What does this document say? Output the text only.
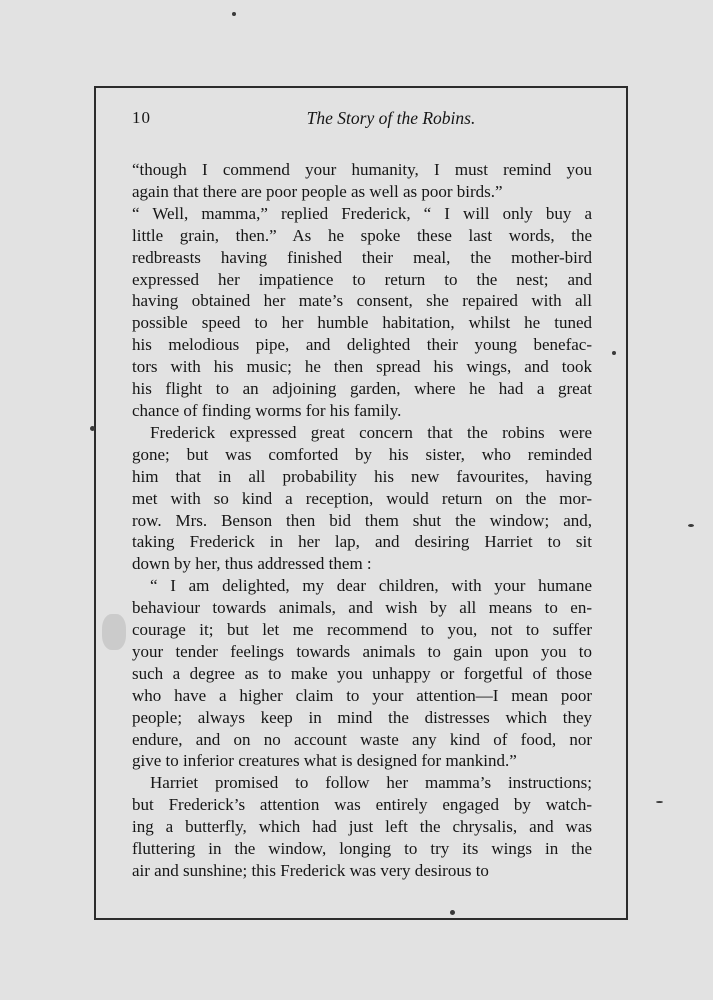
10	The Story of the Robins.
“though I commend your humanity, I must remind you
again that there are poor people as well as poor birds.”
“ Well, mamma,” replied Frederick, “ I will only buy a
little grain, then.” As he spoke these last words, the
redbreasts having finished their meal, the mother-bird
expressed her impatience to return to the nest; and
having obtained her mate’s consent, she repaired with all
possible speed to her humble habitation, whilst he tuned
his melodious pipe, and delighted their young benefac-
tors with his music; he then spread his wings, and took
his flight to an adjoining garden, where he had a great
chance of finding worms for his family.
Frederick expressed great concern that the robins were
gone; but was comforted by his sister, who reminded
him that in all probability his new favourites, having
met with so kind a reception, would return on the mor-
row. Mrs. Benson then bid them shut the window; and,
taking Frederick in her lap, and desiring Harriet to sit
down by her, thus addressed them :
“ I am delighted, my dear children, with your humane
behaviour towards animals, and wish by all means to en-
courage it; but let me recommend to you, not to suffer
your tender feelings towards animals to gain upon you to
such a degree as to make you unhappy or forgetful of those
who have a higher claim to your attention—I mean poor
people; always keep in mind the distresses which they
endure, and on no account waste any kind of food, nor
give to inferior creatures what is designed for mankind.”
Harriet promised to follow her mamma’s instructions;
but Frederick’s attention was entirely engaged by watch-
ing a butterfly, which had just left the chrysalis, and was
fluttering in the window, longing to try its wings in the
air and sunshine; this Frederick was very desirous to
